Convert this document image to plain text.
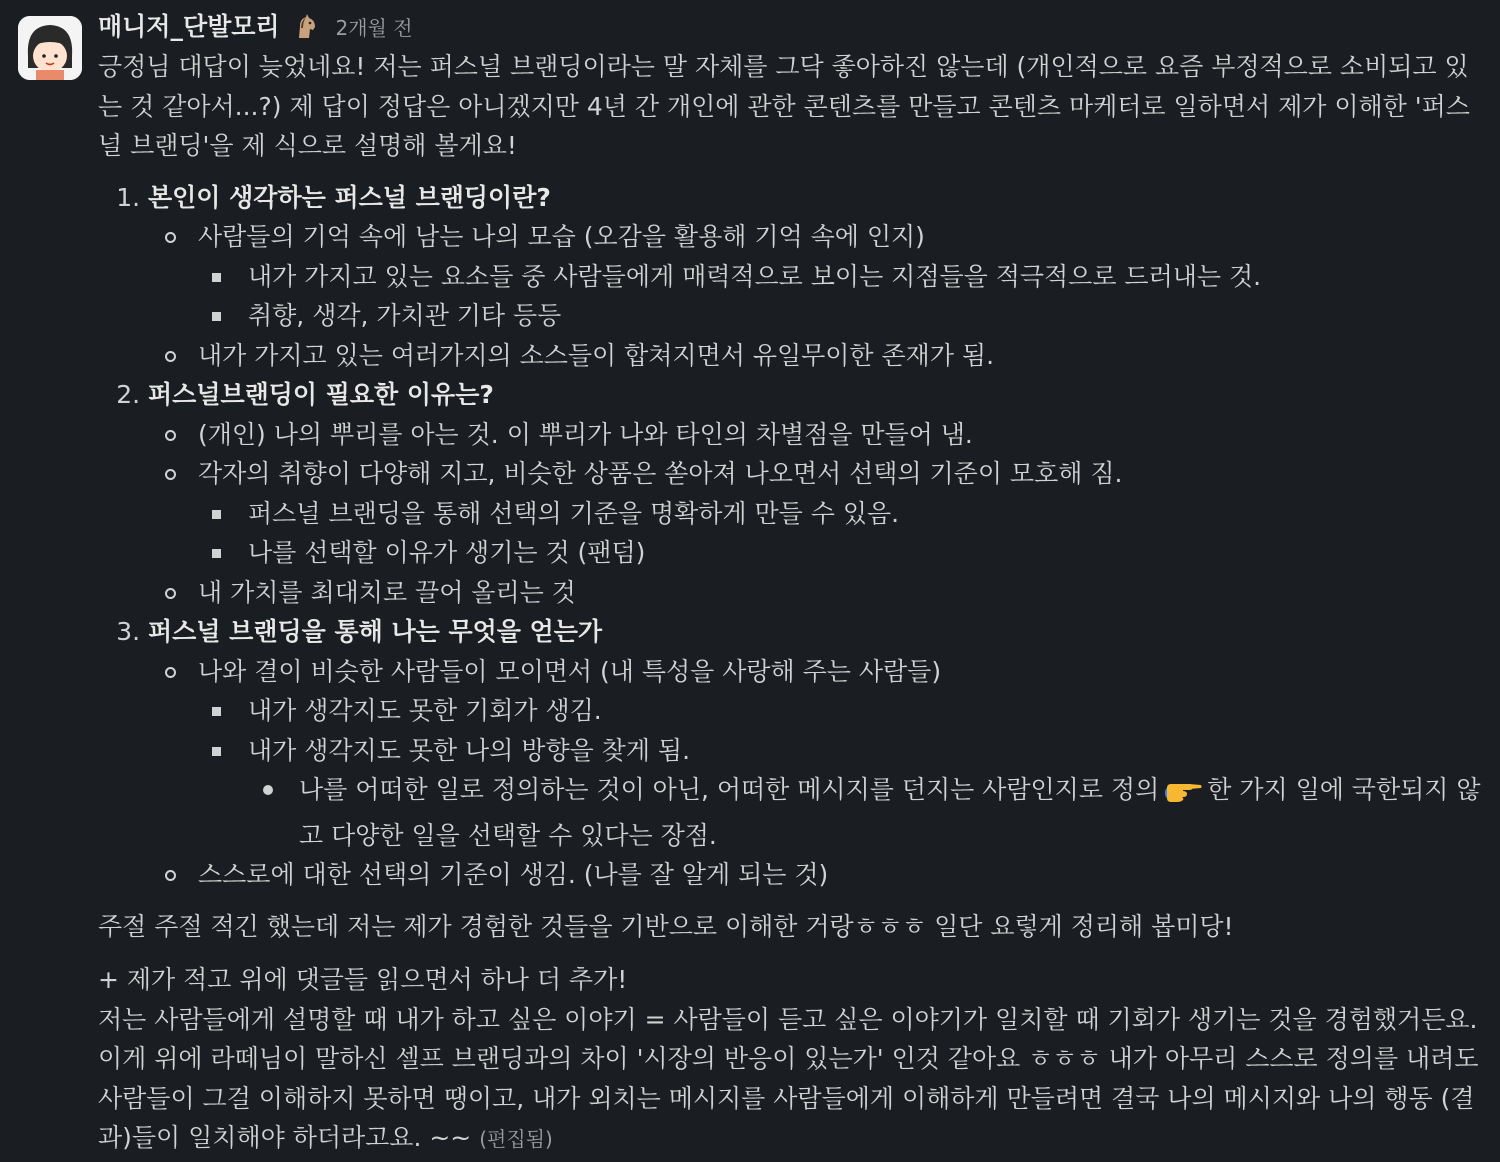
매니저_단발모리	2개월 전

긍정님 대답이 늦었네요! 저는 퍼스널 브랜딩이라는 말 자체를 그닥 좋아하진 않는데 (개인적으로 요즘 부정적으로 소비되고 있는 것 같아서...?) 제 답이 정답은 아니겠지만 4년 간 개인에 관한 콘텐츠를 만들고 콘텐츠 마케터로 일하면서 제가 이해한 '퍼스널 브랜딩'을 제 식으로 설명해 볼게요!

1. 본인이 생각하는 퍼스널 브랜딩이란?
사람들의 기억 속에 남는 나의 모습 (오감을 활용해 기억 속에 인지)
내가 가지고 있는 요소들 중 사람들에게 매력적으로 보이는 지점들을 적극적으로 드러내는 것.
취향, 생각, 가치관 기타 등등
내가 가지고 있는 여러가지의 소스들이 합쳐지면서 유일무이한 존재가 됨.
2. 퍼스널브랜딩이 필요한 이유는?
(개인) 나의 뿌리를 아는 것. 이 뿌리가 나와 타인의 차별점을 만들어 냄.
각자의 취향이 다양해 지고, 비슷한 상품은 쏟아져 나오면서 선택의 기준이 모호해 짐.
퍼스널 브랜딩을 통해 선택의 기준을 명확하게 만들 수 있음.
나를 선택할 이유가 생기는 것 (팬덤)
내 가치를 최대치로 끌어 올리는 것
3. 퍼스널 브랜딩을 통해 나는 무엇을 얻는가
나와 결이 비슷한 사람들이 모이면서 (내 특성을 사랑해 주는 사람들)
내가 생각지도 못한 기회가 생김.
내가 생각지도 못한 나의 방향을 찾게 됨.
나를 어떠한 일로 정의하는 것이 아닌, 어떠한 메시지를 던지는 사람인지로 정의 한 가지 일에 국한되지 않고 다양한 일을 선택할 수 있다는 장점.
스스로에 대한 선택의 기준이 생김. (나를 잘 알게 되는 것)

주절 주절 적긴 했는데 저는 제가 경험한 것들을 기반으로 이해한 거랑ㅎㅎㅎ 일단 요렇게 정리해 봅미당!

+ 제가 적고 위에 댓글들 읽으면서 하나 더 추가!

저는 사람들에게 설명할 때 내가 하고 싶은 이야기 = 사람들이 듣고 싶은 이야기가 일치할 때 기회가 생기는 것을 경험했거든요. 이게 위에 라떼님이 말하신 셀프 브랜딩과의 차이 '시장의 반응이 있는가' 인것 같아요 ㅎㅎㅎ 내가 아무리 스스로 정의를 내려도 사람들이 그걸 이해하지 못하면 땡이고, 내가 외치는 메시지를 사람들에게 이해하게 만들려면 결국 나의 메시지와 나의 행동 (결과)들이 일치해야 하더라고요. ~~ (편집됨)
